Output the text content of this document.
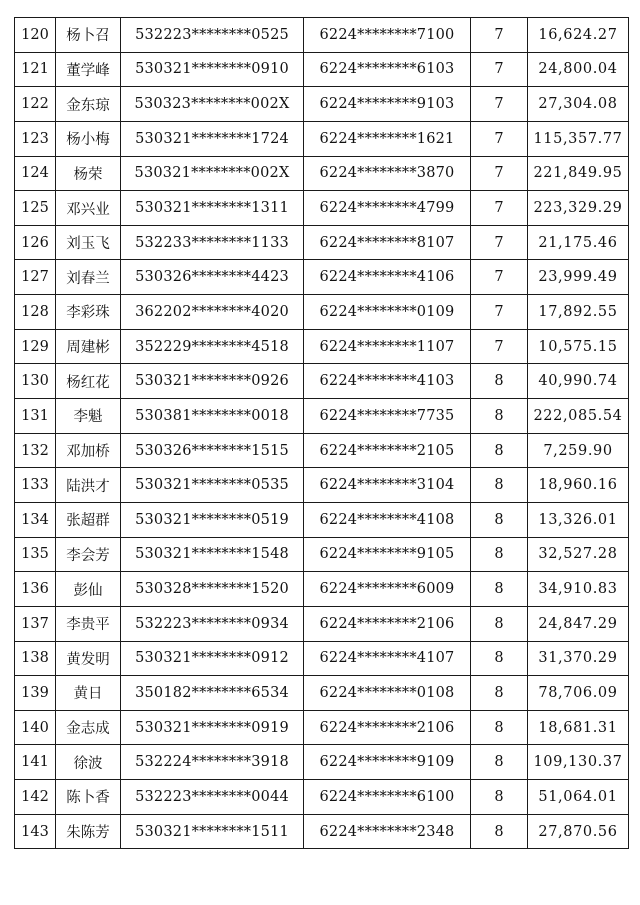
120	杨卜召	532223********0525	6224********7100	7	16,624.27
121	董学峰	530321********0910	6224********6103	7	24,800.04
122	金东琼	530323********002X	6224********9103	7	27,304.08
123	杨小梅	530321********1724	6224********1621	7	115,357.77
124	杨荣	530321********002X	6224********3870	7	221,849.95
125	邓兴业	530321********1311	6224********4799	7	223,329.29
126	刘玉飞	532233********1133	6224********8107	7	21,175.46
127	刘春兰	530326********4423	6224********4106	7	23,999.49
128	李彩珠	362202********4020	6224********0109	7	17,892.55
129	周建彬	352229********4518	6224********1107	7	10,575.15
130	杨红花	530321********0926	6224********4103	8	40,990.74
131	李魁	530381********0018	6224********7735	8	222,085.54
132	邓加桥	530326********1515	6224********2105	8	7,259.90
133	陆洪才	530321********0535	6224********3104	8	18,960.16
134	张超群	530321********0519	6224********4108	8	13,326.01
135	李会芳	530321********1548	6224********9105	8	32,527.28
136	彭仙	530328********1520	6224********6009	8	34,910.83
137	李贵平	532223********0934	6224********2106	8	24,847.29
138	黄发明	530321********0912	6224********4107	8	31,370.29
139	黄日	350182********6534	6224********0108	8	78,706.09
140	金志成	530321********0919	6224********2106	8	18,681.31
141	徐波	532224********3918	6224********9109	8	109,130.37
142	陈卜香	532223********0044	6224********6100	8	51,064.01
143	朱陈芳	530321********1511	6224********2348	8	27,870.56
